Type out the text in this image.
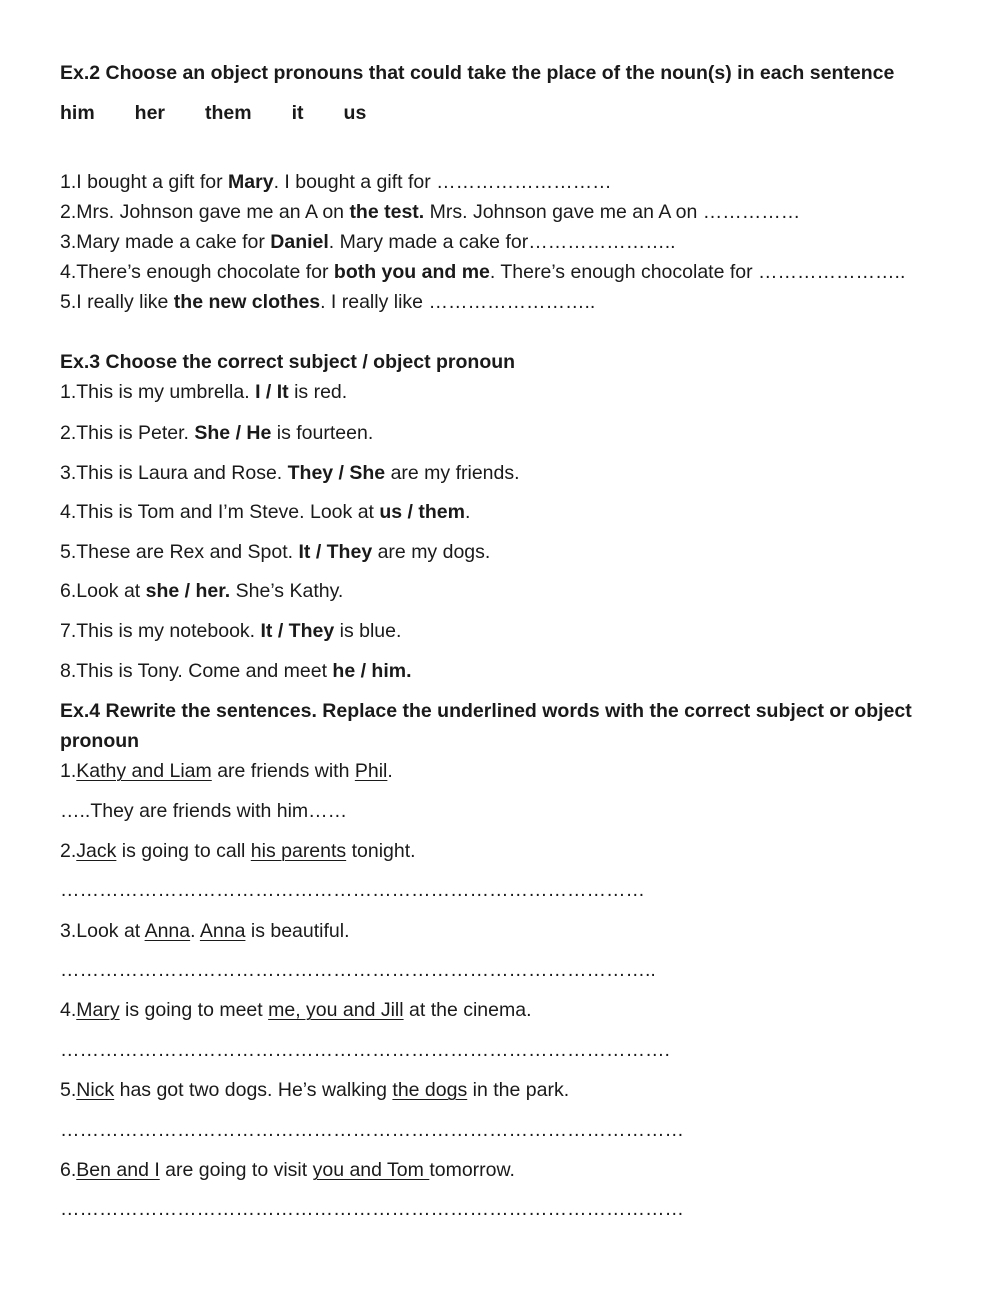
Ex.2 Choose an object pronouns that could take the place of the noun(s) in each sentence
him her them it us
1.I bought a gift for Mary. I bought a gift for ………………………
2.Mrs. Johnson gave me an A on the test. Mrs. Johnson gave me an A on ……………
3.Mary made a cake for Daniel. Mary made a cake for…………………..
4.There’s enough chocolate for both you and me. There’s enough chocolate for …………………..
5.I really like the new clothes. I really like ……………………..
Ex.3 Choose the correct subject / object pronoun
1.This is my umbrella. I / It is red.
2.This is Peter. She / He is fourteen.
3.This is Laura and Rose. They / She are my friends.
4.This is Tom and I’m Steve. Look at us / them.
5.These are Rex and Spot. It / They are my dogs.
6.Look at she / her. She’s Kathy.
7.This is my notebook. It / They is blue.
8.This is Tony. Come and meet he / him.
Ex.4 Rewrite the sentences. Replace the underlined words with the correct subject or object
pronoun
1.Kathy and Liam are friends with Phil.
…..They are friends with him……
2.Jack is going to call his parents tonight.
………………………………………………………………………………
3.Look at Anna. Anna is beautiful.
………………………………………………………………………………..
4.Mary is going to meet me, you and Jill at the cinema.
………………………………………………………………………………….
5.Nick has got two dogs. He’s walking the dogs in the park.
……………………………………………………………………………………
6.Ben and I are going to visit you and Tom tomorrow.
……………………………………………………………………………………
